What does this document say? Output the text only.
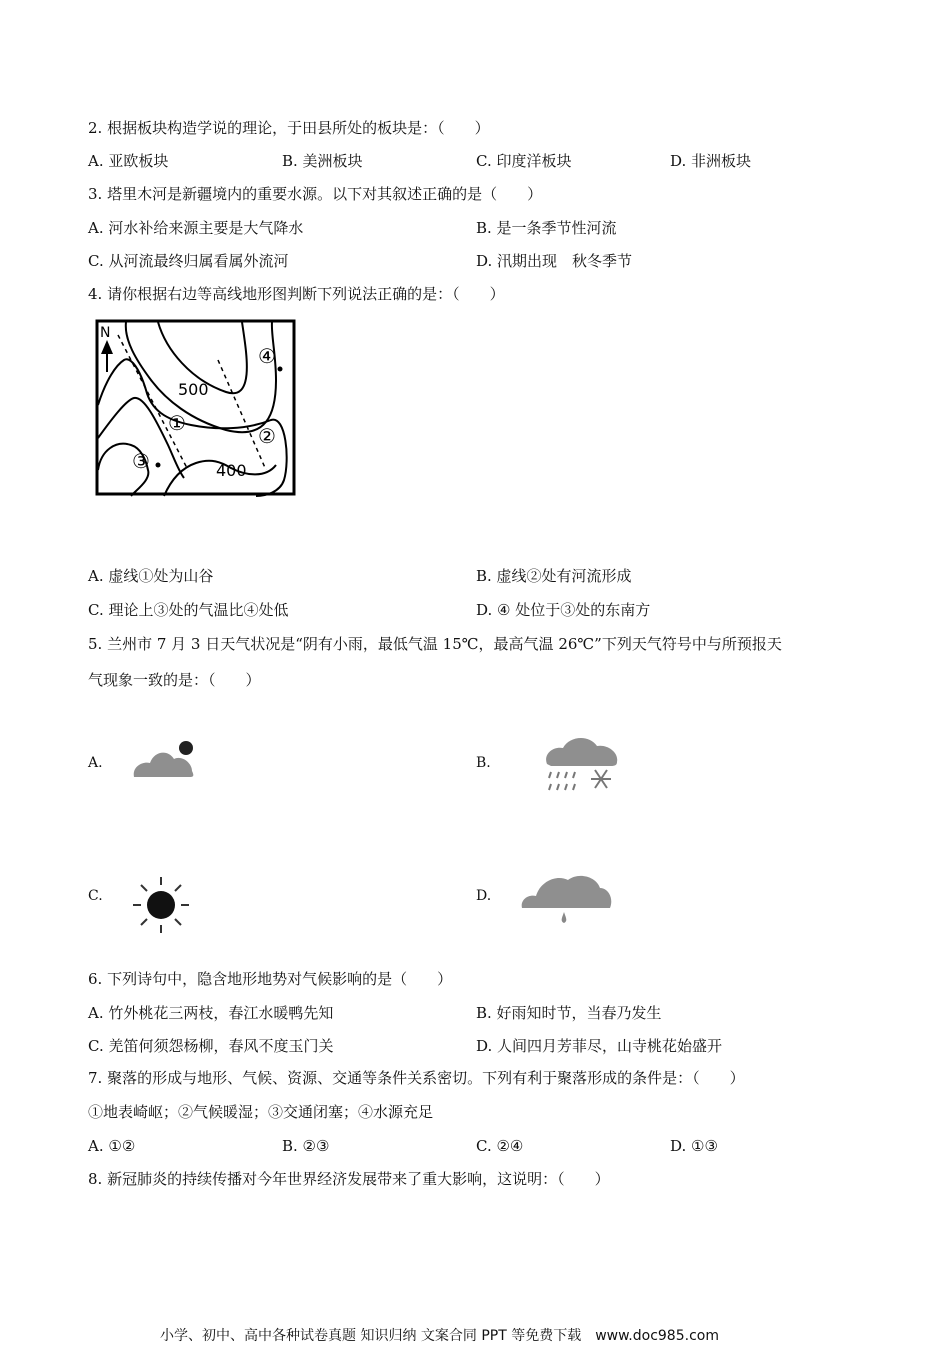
2. 根据板块构造学说的理论，于田县所处的板块是：（　　）
A. 亚欧板块	B. 美洲板块	C. 印度洋板块	D. 非洲板块
3. 塔里木河是新疆境内的重要水源。以下对其叙述正确的是（　　）
A. 河水补给来源主要是大气降水	B. 是一条季节性河流
C. 从河流最终归属看属外流河	D. 汛期出现　秋冬季节
4. 请你根据右边等高线地形图判断下列说法正确的是：（　　）
N
500
400
①
②
③
④
A. 虚线①处为山谷	B. 虚线②处有河流形成
C. 理论上③处的气温比④处低	D. ④ 处位于③处的东南方
5. 兰州市 7 月 3 日天气状况是“阴有小雨，最低气温 15℃，最高气温 26℃”下列天气符号中与所预报天
气现象一致的是：（　　）
A.	B.
C.	D.
6. 下列诗句中，隐含地形地势对气候影响的是（　　）
A. 竹外桃花三两枝，春江水暖鸭先知	B. 好雨知时节，当春乃发生
C. 羌笛何须怨杨柳，春风不度玉门关	D. 人间四月芳菲尽，山寺桃花始盛开
7. 聚落的形成与地形、气候、资源、交通等条件关系密切。下列有利于聚落形成的条件是：（　　）
①地表崎岖；②气候暖湿；③交通闭塞；④水源充足
A. ①②	B. ②③	C. ②④	D. ①③
8. 新冠肺炎的持续传播对今年世界经济发展带来了重大影响，这说明：（　　）
小学、初中、高中各种试卷真题 知识归纳 文案合同 PPT 等免费下载　www.doc985.com
